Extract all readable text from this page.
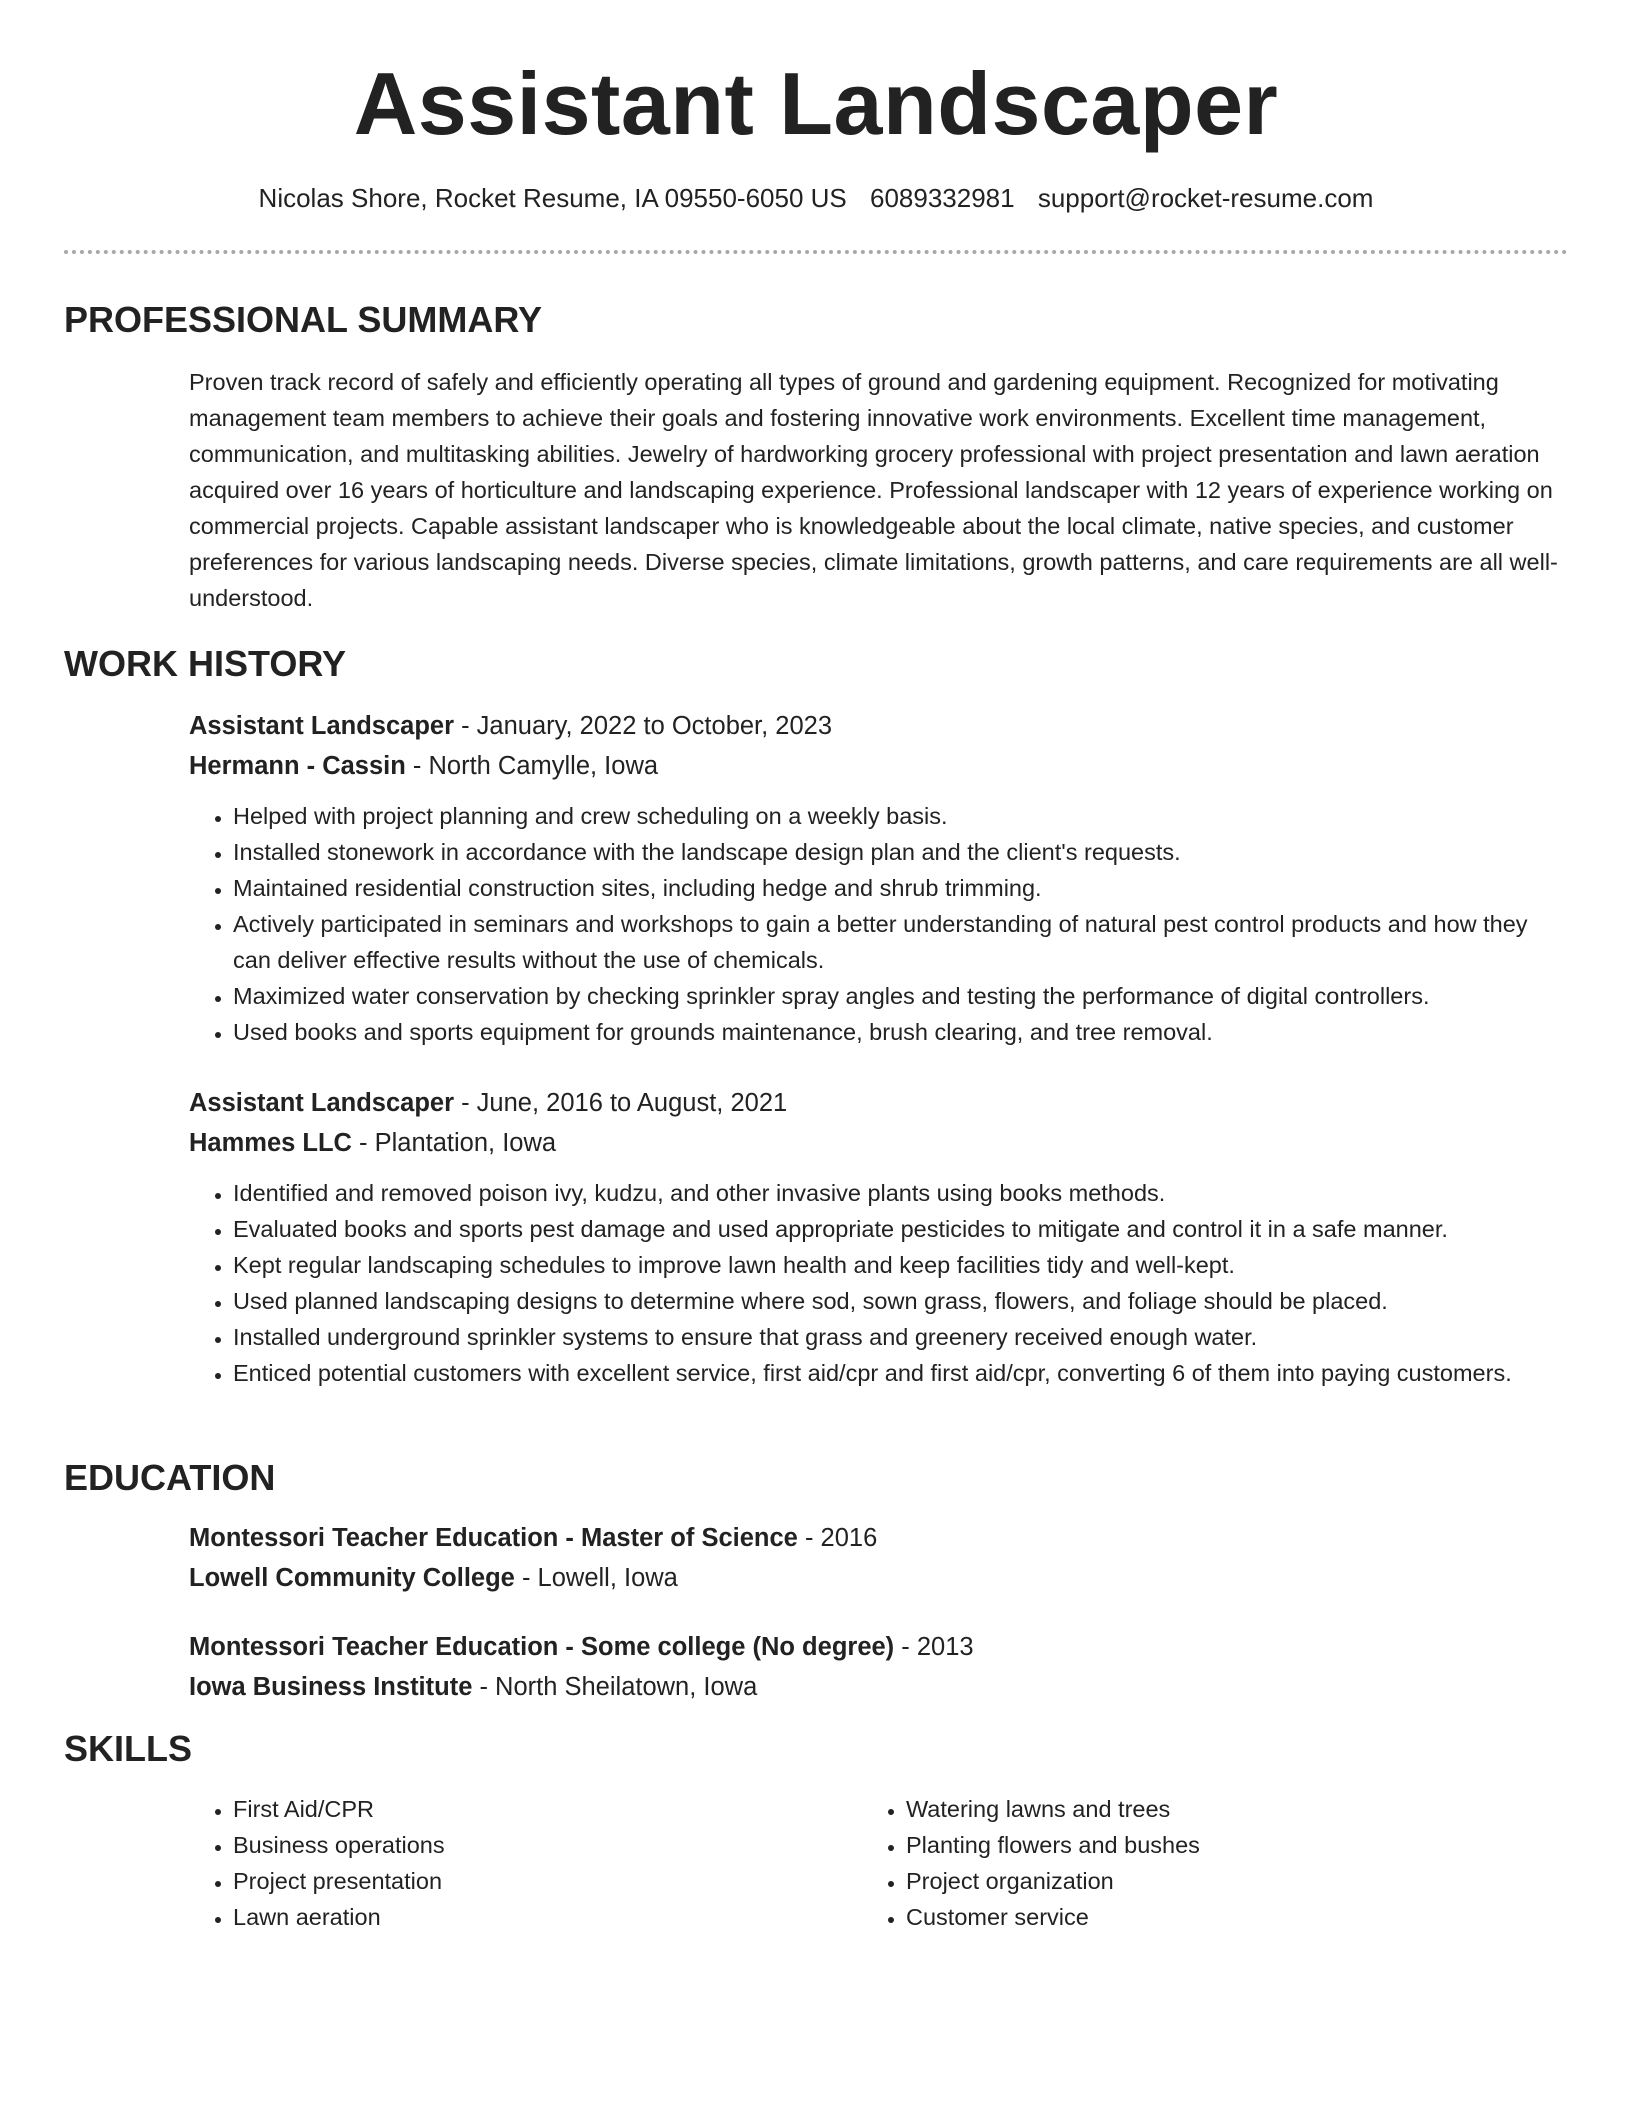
Assistant Landscaper
Nicolas Shore, Rocket Resume, IA 09550-6050 US 6089332981 support@rocket-resume.com
PROFESSIONAL SUMMARY

Proven track record of safely and efficiently operating all types of ground and gardening equipment. Recognized for motivating management team members to achieve their goals and fostering innovative work environments. Excellent time management, communication, and multitasking abilities. Jewelry of hardworking grocery professional with project presentation and lawn aeration acquired over 16 years of horticulture and landscaping experience. Professional landscaper with 12 years of experience working on commercial projects. Capable assistant landscaper who is knowledgeable about the local climate, native species, and customer preferences for various landscaping needs. Diverse species, climate limitations, growth patterns, and care requirements are all well-understood.

WORK HISTORY

Assistant Landscaper - January, 2022 to October, 2023

Hermann - Cassin - North Camylle, Iowa

• Helped with project planning and crew scheduling on a weekly basis.
• Installed stonework in accordance with the landscape design plan and the client's requests.
• Maintained residential construction sites, including hedge and shrub trimming.
• Actively participated in seminars and workshops to gain a better understanding of natural pest control products and how they can deliver effective results without the use of chemicals.
• Maximized water conservation by checking sprinkler spray angles and testing the performance of digital controllers.
• Used books and sports equipment for grounds maintenance, brush clearing, and tree removal.

Assistant Landscaper - June, 2016 to August, 2021

Hammes LLC - Plantation, Iowa

• Identified and removed poison ivy, kudzu, and other invasive plants using books methods.
• Evaluated books and sports pest damage and used appropriate pesticides to mitigate and control it in a safe manner.
• Kept regular landscaping schedules to improve lawn health and keep facilities tidy and well-kept.
• Used planned landscaping designs to determine where sod, sown grass, flowers, and foliage should be placed.
• Installed underground sprinkler systems to ensure that grass and greenery received enough water.
• Enticed potential customers with excellent service, first aid/cpr and first aid/cpr, converting 6 of them into paying customers.
EDUCATION

Montessori Teacher Education - Master of Science - 2016

Lowell Community College - Lowell, Iowa

Montessori Teacher Education - Some college (No degree) - 2013

Iowa Business Institute - North Sheilatown, Iowa

SKILLS
• First Aid/CPR
• Business operations
• Project presentation
• Lawn aeration
• Watering lawns and trees
• Planting flowers and bushes
• Project organization
• Customer service
